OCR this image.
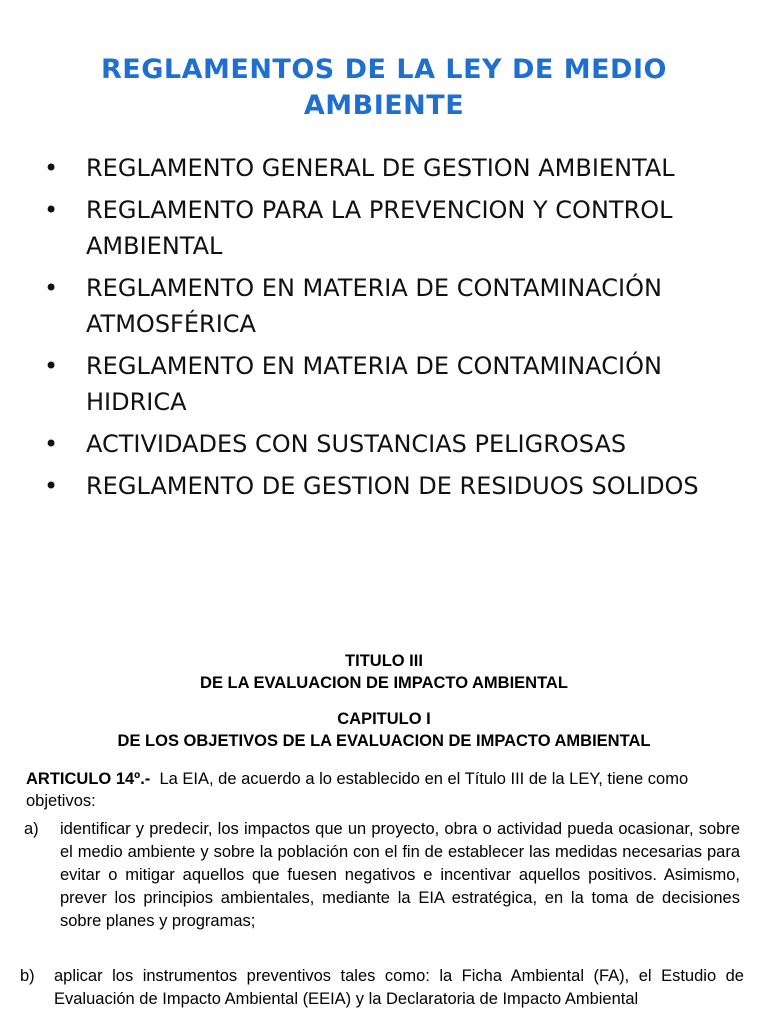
REGLAMENTOS DE LA LEY DE MEDIO AMBIENTE
• REGLAMENTO GENERAL DE GESTION AMBIENTAL
• REGLAMENTO PARA LA PREVENCION Y CONTROL AMBIENTAL
• REGLAMENTO EN MATERIA DE CONTAMINACIÓN ATMOSFÉRICA
• REGLAMENTO EN MATERIA DE CONTAMINACIÓN HIDRICA
• ACTIVIDADES CON SUSTANCIAS PELIGROSAS
• REGLAMENTO DE GESTION DE RESIDUOS SOLIDOS
TITULO III
DE LA EVALUACION DE IMPACTO AMBIENTAL
CAPITULO I
DE LOS OBJETIVOS DE LA EVALUACION DE IMPACTO AMBIENTAL
ARTICULO 14º.- La EIA, de acuerdo a lo establecido en el Título III de la LEY, tiene como objetivos:
a) identificar y predecir, los impactos que un proyecto, obra o actividad pueda ocasionar, sobre el medio ambiente y sobre la población con el fin de establecer las medidas necesarias para evitar o mitigar aquellos que fuesen negativos e incentivar aquellos positivos. Asimismo, prever los principios ambientales, mediante la EIA estratégica, en la toma de decisiones sobre planes y programas;
b) aplicar los instrumentos preventivos tales como: la Ficha Ambiental (FA), el Estudio de Evaluación de Impacto Ambiental (EEIA) y la Declaratoria de Impacto Ambiental
